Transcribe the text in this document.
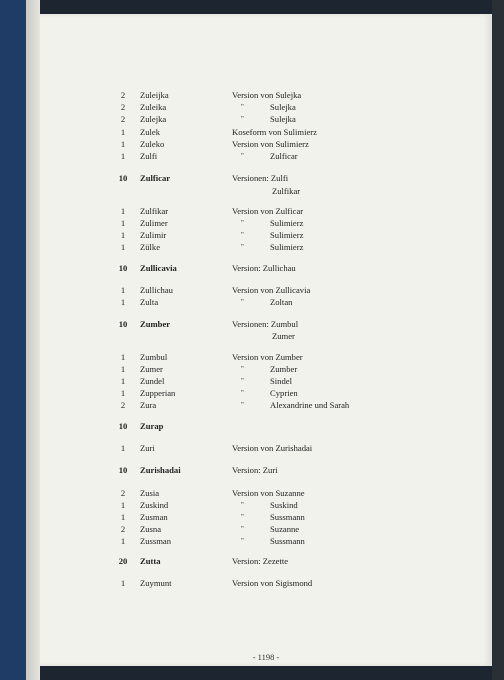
2	Zuleijka	Version von Sulejka
2	Zuleika	"	Sulejka
2	Zulejka	"	Sulejka
1	Zulek	Koseform von Sulimierz
1	Zuleko	Version von Sulimierz
1	Zulfi	"	Zulficar
10	Zulficar	Versionen: Zulfi
Zulfikar
1	Zulfikar	Version von Zulficar
1	Zulimer	"	Sulimierz
1	Zulimir	"	Sulimierz
1	Zülke	"	Sulimierz
10	Zullicavia	Version: Zullichau
1	Zullichau	Version von Zullicavia
1	Zulta	"	Zoltan
10	Zumber	Versionen: Zumbul
Zumer
1	Zumbul	Version von Zumber
1	Zumer	"	Zumber
1	Zundel	"	Sindel
1	Zupperian	"	Cyprien
2	Zura	"	Alexandrine und Sarah
10	Zurap
1	Zuri	Version von Zurishadai
10	Zurishadai	Version: Zuri
2	Zusia	Version von Suzanne
1	Zuskind	"	Suskind
1	Zusman	"	Sussmann
2	Zusna	"	Suzanne
1	Zussman	"	Sussmann
20	Zutta	Version: Zezette
1	Zuymunt	Version von Sigismond
- 1198 -
